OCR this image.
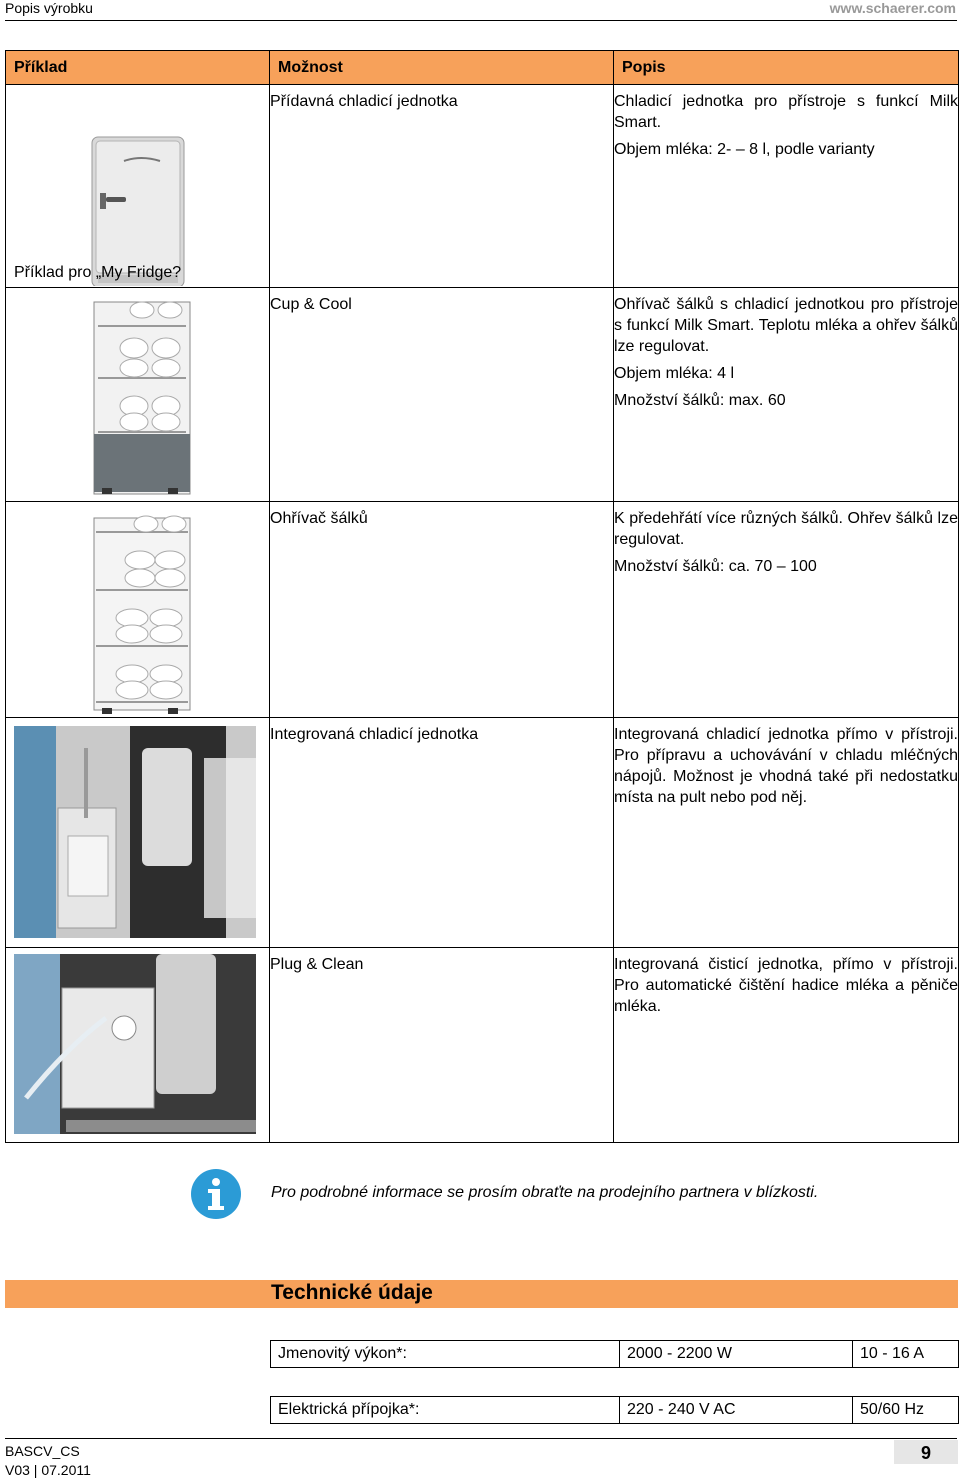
Popis výrobku	www.schaerer.com
Příklad	Možnost	Popis

Příklad pro „My Fridge?	Přídavná chladicí jednotka	Chladicí jednotka pro přístroje s funkcí Milk Smart.

Objem mléka: 2- – 8 l, podle varianty

	Cup & Cool	Ohřívač šálků s chladicí jednotkou pro přístroje s funkcí Milk Smart. Teplotu mléka a ohřev šálků lze regulovat.

Objem mléka: 4 l

Množství šálků: max. 60

	Ohřívač šálků	K předehřátí více různých šálků. Ohřev šálků lze regulovat.

Množství šálků: ca. 70 – 100

	Integrovaná chladicí jednotka	Integrovaná chladicí jednotka přímo v přístroji. Pro přípravu a uchovávání v chladu mléčných nápojů. Možnost je vhodná také při nedostatku místa na pult nebo pod něj.

	Plug & Clean	Integrovaná čisticí jednotka, přímo v přístroji. Pro automatické čištění hadice mléka a pěniče mléka.

Pro podrobné informace se prosím obraťte na prodejního partnera v blízkosti.
Technické údaje
Jmenovitý výkon*:	2000 - 2200 W	10 - 16 A
Elektrická přípojka*:	220 - 240 V AC	50/60 Hz
BASCV_CS
V03 | 07.2011
9
